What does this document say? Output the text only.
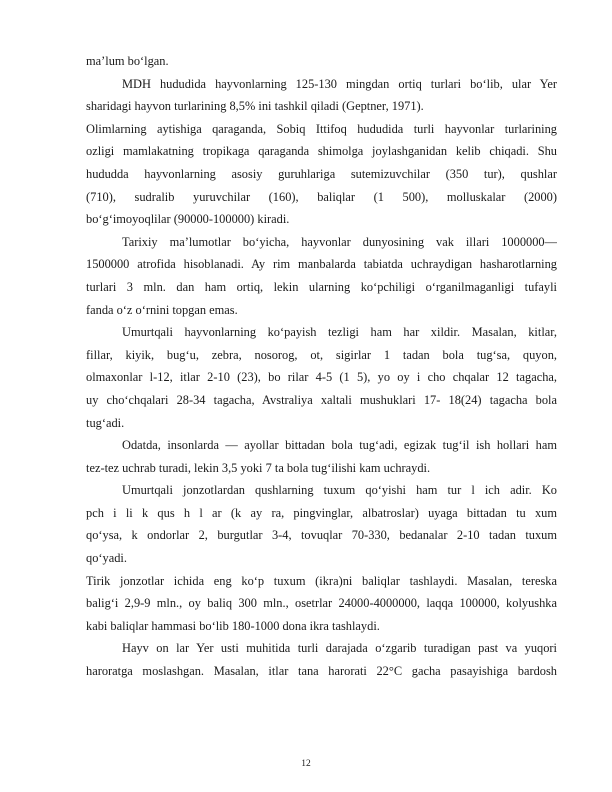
ma’lum bo‘lgan.
MDH hududida hayvonlarning 125-130 mingdan ortiq turlari bo‘lib, ular Yer
sharidagi hayvon turlarining 8,5% ini tashkil qiladi (Geptner, 1971).
Olimlarning aytishiga qaraganda, Sobiq Ittifoq hududida turli hayvonlar turlarining
ozligi mamlakatning tropikaga qaraganda shimolga joylashganidan kelib chiqadi. Shu
hududda hayvonlarning asosiy guruhlariga sutemizuvchilar (350 tur), qushlar
(710), sudralib yuruvchilar (160), baliqlar (1 500), molluskalar (2000)
bo‘g‘imoyoqlilar (90000-100000) kiradi.
Tarixiy ma’lumotlar bo‘yicha, hayvonlar dunyosining vak illari 1000000—
1500000 atrofida hisoblanadi. Ay rim manbalarda tabiatda uchraydigan hasharotlarning
turlari 3 mln. dan ham ortiq, lekin ularning ko‘pchiligi o‘rganilmaganligi tufayli
fanda o‘z o‘rnini topgan emas.
Umurtqali hayvonlarning ko‘payish tezligi ham har xildir. Masalan, kitlar,
fillar, kiyik, bug‘u, zebra, nosorog, ot, sigirlar 1 tadan bola tug‘sa, quyon,
olmaxonlar l-12, itlar 2-10 (23), bo rilar 4-5 (1 5), yo oy i cho chqalar 12 tagacha,
uy cho‘chqalari 28-34 tagacha, Avstraliya xaltali mushuklari 17- 18(24) tagacha bola
tug‘adi.
Odatda, insonlarda — ayollar bittadan bola tug‘adi, egizak tug‘il ish hollari ham
tez-tez uchrab turadi, lekin 3,5 yoki 7 ta bola tug‘ilishi kam uchraydi.
Umurtqali jonzotlardan qushlarning tuxum qo‘yishi ham tur l ich adir. Ko
pch i li k qus h l ar (k ay ra, pingvinglar, albatroslar) uyaga bittadan tu xum
qo‘ysa, k ondorlar 2, burgutlar 3-4, tovuqlar 70-330, bedanalar 2-10 tadan tuxum
qo‘yadi.
Tirik jonzotlar ichida eng ko‘p tuxum (ikra)ni baliqlar tashlaydi. Masalan, tereska
balig‘i 2,9-9 mln., oy baliq 300 mln., osetrlar 24000-4000000, laqqa 100000, kolyushka
kabi baliqlar hammasi bo‘lib 180-1000 dona ikra tashlaydi.
Hayv on lar Yer usti muhitida turli darajada o‘zgarib turadigan past va yuqori
haroratga moslashgan. Masalan, itlar tana harorati 22°C gacha pasayishiga bardosh
12
